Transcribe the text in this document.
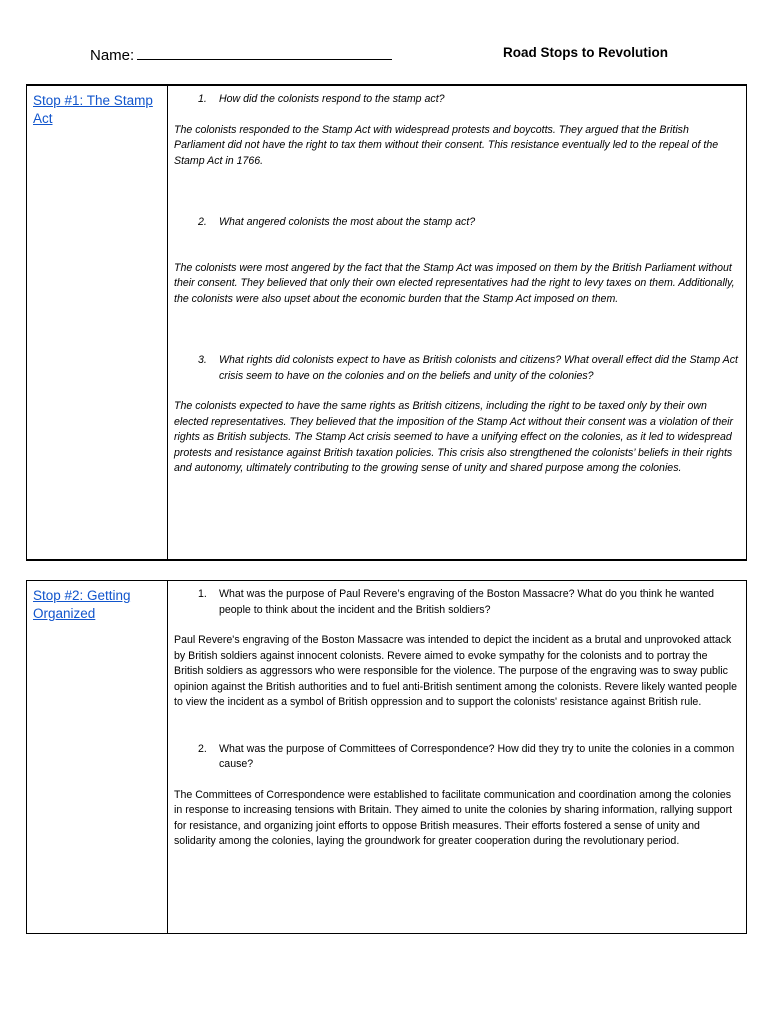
Name:	Road Stops to Revolution
Stop #1: The Stamp Act
1. How did the colonists respond to the stamp act?

The colonists responded to the Stamp Act with widespread protests and boycotts. They argued that the British Parliament did not have the right to tax them without their consent. This resistance eventually led to the repeal of the Stamp Act in 1766.

2. What angered colonists the most about the stamp act?

The colonists were most angered by the fact that the Stamp Act was imposed on them by the British Parliament without their consent. They believed that only their own elected representatives had the right to levy taxes on them. Additionally, the colonists were also upset about the economic burden that the Stamp Act imposed on them.

3. What rights did colonists expect to have as British colonists and citizens? What overall effect did the Stamp Act crisis seem to have on the colonies and on the beliefs and unity of the colonies?

The colonists expected to have the same rights as British citizens, including the right to be taxed only by their own elected representatives. They believed that the imposition of the Stamp Act without their consent was a violation of their rights as British subjects. The Stamp Act crisis seemed to have a unifying effect on the colonies, as it led to widespread protests and resistance against British taxation policies. This crisis also strengthened the colonists’ beliefs in their rights and autonomy, ultimately contributing to the growing sense of unity and shared purpose among the colonies.

Stop #2: Getting Organized
1. What was the purpose of Paul Revere’s engraving of the Boston Massacre? What do you think he wanted people to think about the incident and the British soldiers?

Paul Revere's engraving of the Boston Massacre was intended to depict the incident as a brutal and unprovoked attack by British soldiers against innocent colonists. Revere aimed to evoke sympathy for the colonists and to portray the British soldiers as aggressors who were responsible for the violence. The purpose of the engraving was to sway public opinion against the British authorities and to fuel anti-British sentiment among the colonists. Revere likely wanted people to view the incident as a symbol of British oppression and to support the colonists' resistance against British rule.

2. What was the purpose of Committees of Correspondence? How did they try to unite the colonies in a common cause?

The Committees of Correspondence were established to facilitate communication and coordination among the colonies in response to increasing tensions with Britain. They aimed to unite the colonies by sharing information, rallying support for resistance, and organizing joint efforts to oppose British measures. Their efforts fostered a sense of unity and solidarity among the colonies, laying the groundwork for greater cooperation during the revolutionary period.
